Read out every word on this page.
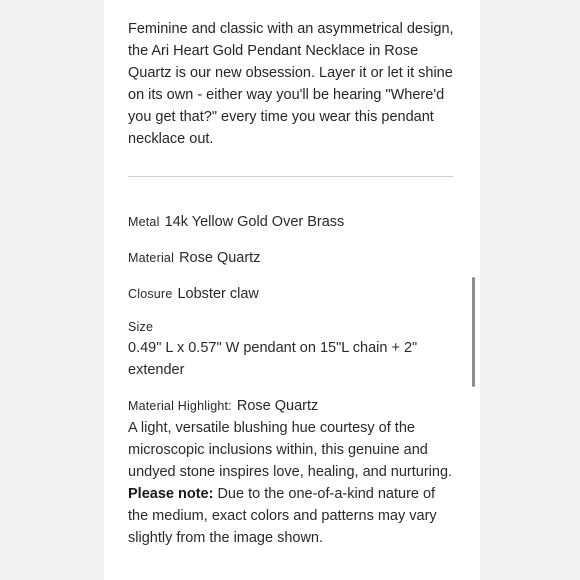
Feminine and classic with an asymmetrical design, the Ari Heart Gold Pendant Necklace in Rose Quartz is our new obsession. Layer it or let it shine on its own - either way you'll be hearing "Where'd you get that?" every time you wear this pendant necklace out.

Metal 14k Yellow Gold Over Brass
Material Rose Quartz
Closure Lobster claw
Size
0.49" L x 0.57" W pendant on 15"L chain + 2" extender
Material Highlight: Rose Quartz
A light, versatile blushing hue courtesy of the microscopic inclusions within, this genuine and undyed stone inspires love, healing, and nurturing.
Please note: Due to the one-of-a-kind nature of the medium, exact colors and patterns may vary slightly from the image shown.
